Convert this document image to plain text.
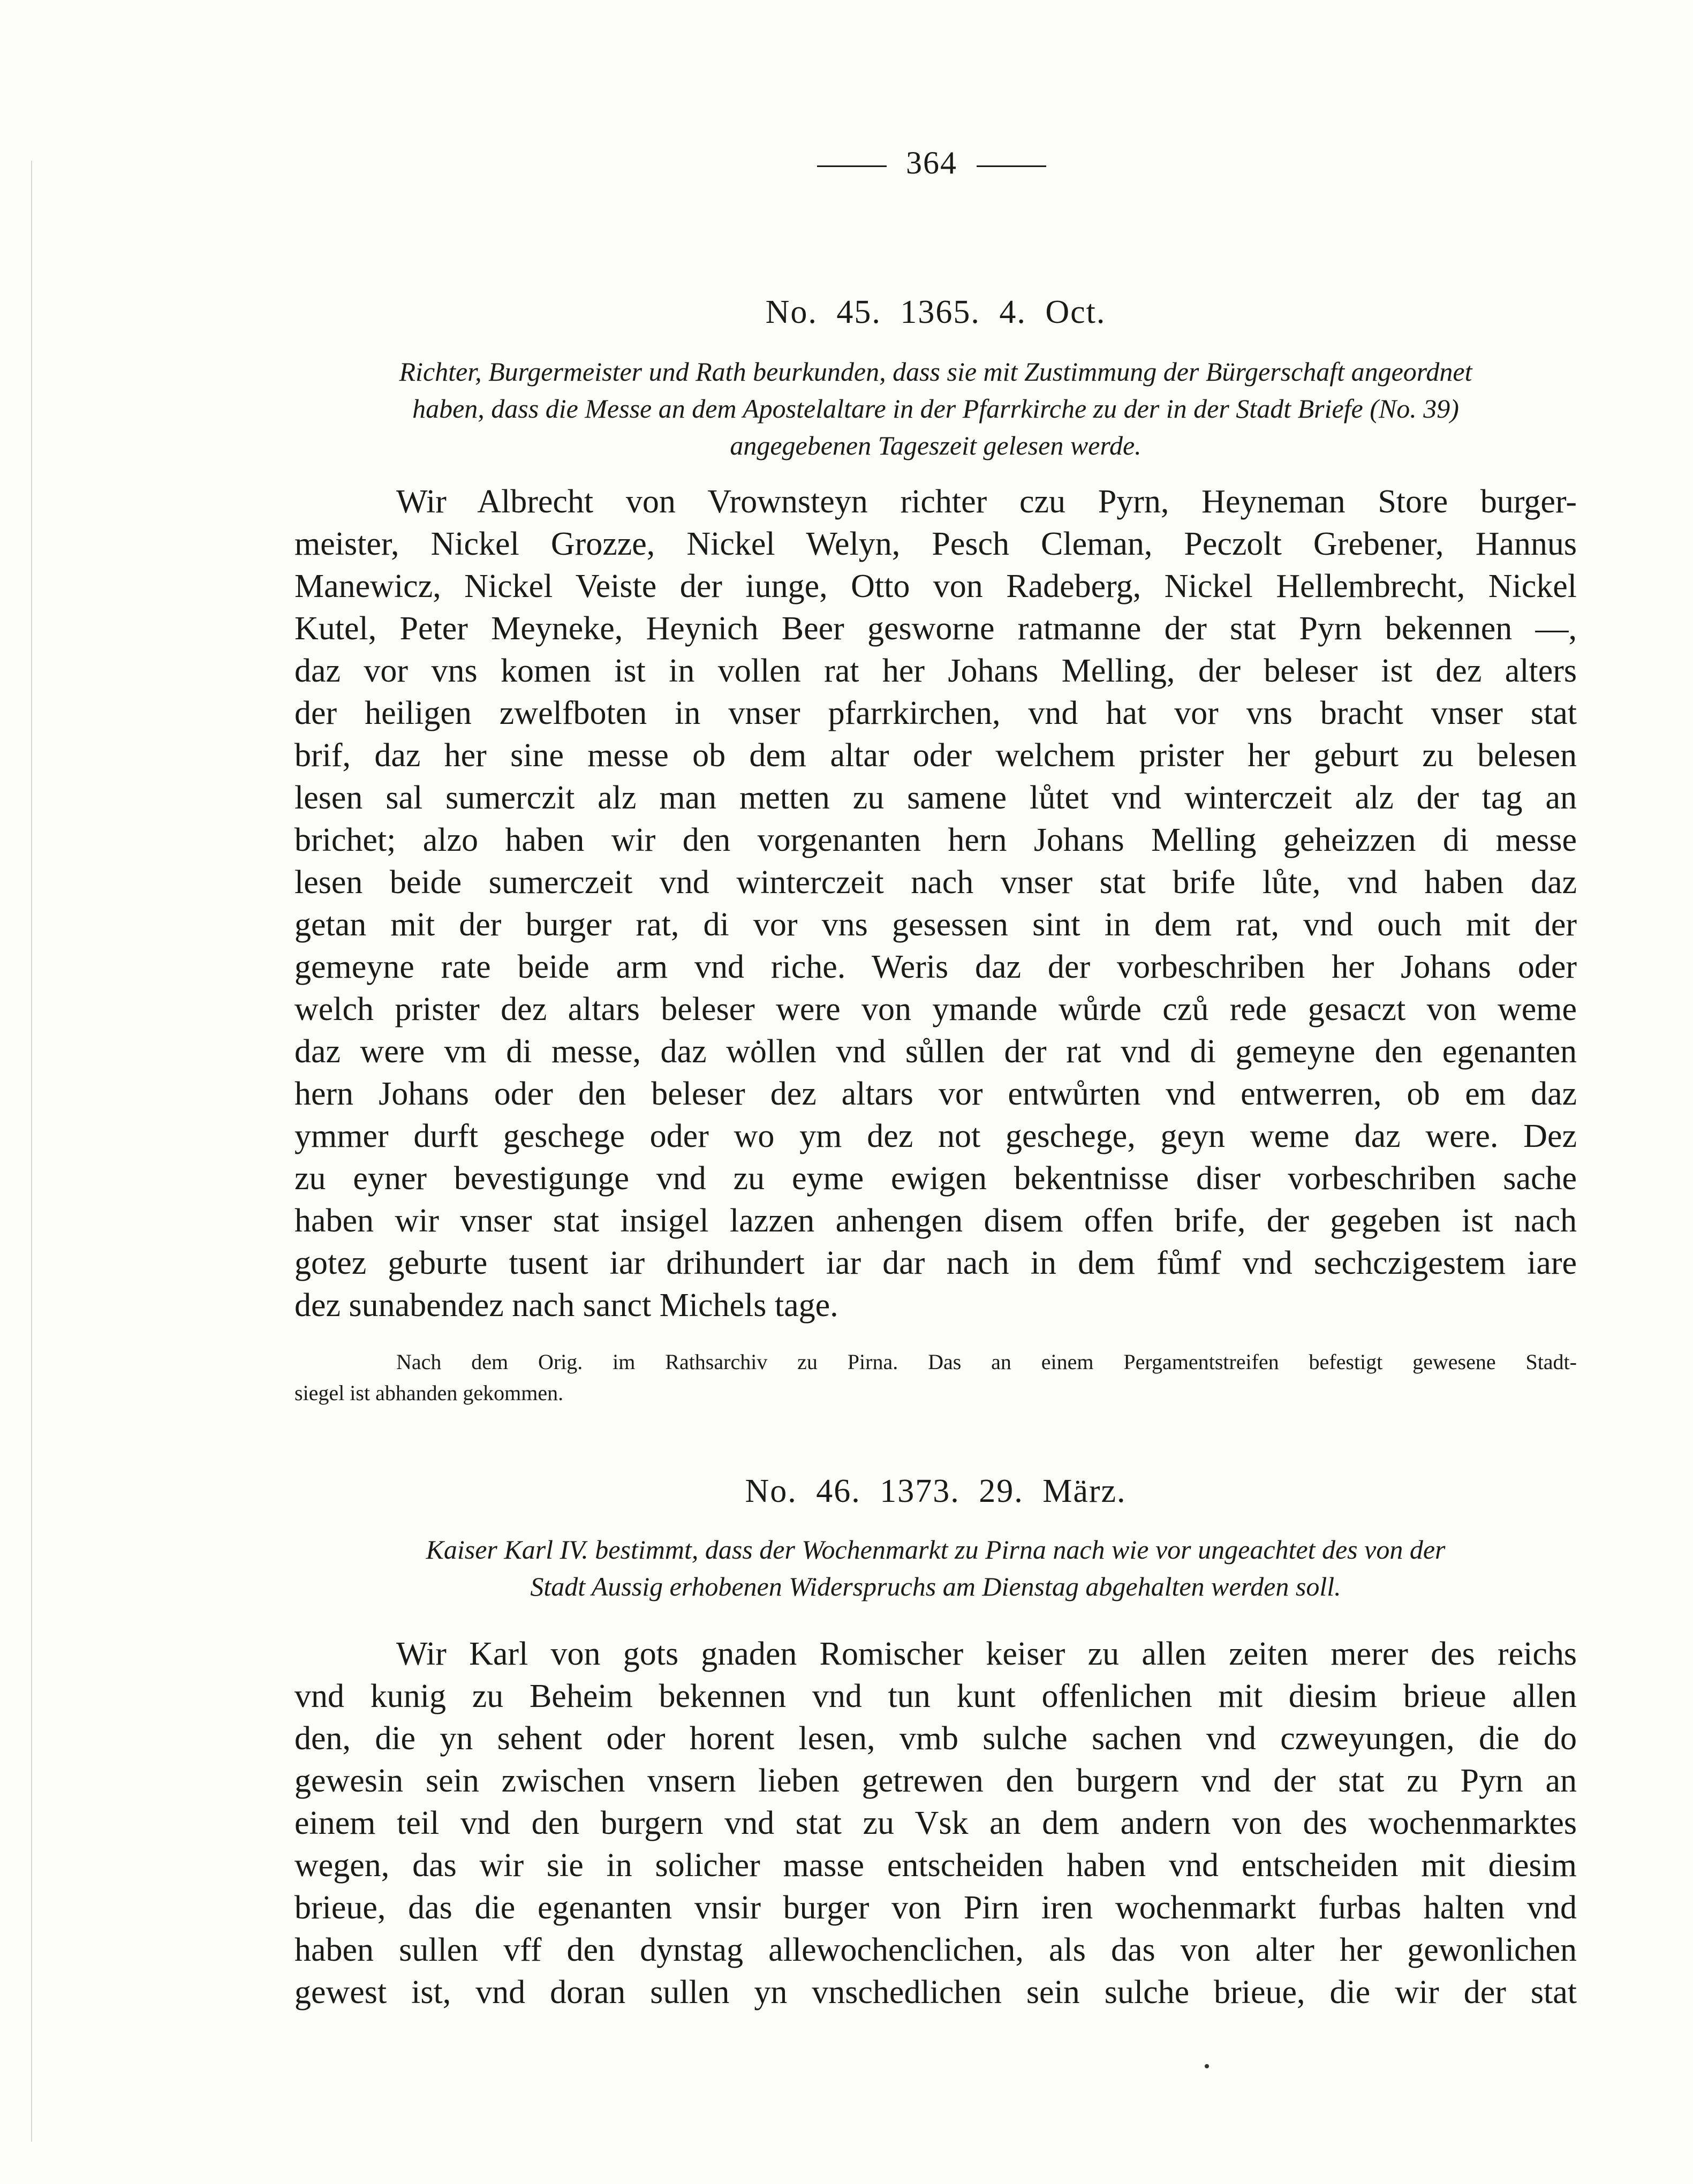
364
No. 45. 1365. 4. Oct.

Richter, Burgermeister und Rath beurkunden, dass sie mit Zustimmung der Bürgerschaft angeordnet
haben, dass die Messe an dem Apostelaltare in der Pfarrkirche zu der in der Stadt Briefe (No. 39)
angegebenen Tageszeit gelesen werde.

Wir Albrecht von Vrownsteyn richter czu Pyrn, Heyneman Store burger-
meister, Nickel Grozze, Nickel Welyn, Pesch Cleman, Peczolt Grebener, Hannus
Manewicz, Nickel Veiste der iunge, Otto von Radeberg, Nickel Hellembrecht, Nickel
Kutel, Peter Meyneke, Heynich Beer gesworne ratmanne der stat Pyrn bekennen —,
daz vor vns komen ist in vollen rat her Johans Melling, der beleser ist dez alters
der heiligen zwelfboten in vnser pfarrkirchen, vnd hat vor vns bracht vnser stat
brif, daz her sine messe ob dem altar oder welchem prister her geburt zu belesen
lesen sal sumerczit alz man metten zu samene lůtet vnd winterczeit alz der tag an
brichet; alzo haben wir den vorgenanten hern Johans Melling geheizzen di messe
lesen beide sumerczeit vnd winterczeit nach vnser stat brife lůte, vnd haben daz
getan mit der burger rat, di vor vns gesessen sint in dem rat, vnd ouch mit der
gemeyne rate beide arm vnd riche. Weris daz der vorbeschriben her Johans oder
welch prister dez altars beleser were von ymande wůrde czů rede gesaczt von weme
daz were vm di messe, daz wȯllen vnd sůllen der rat vnd di gemeyne den egenanten
hern Johans oder den beleser dez altars vor entwůrten vnd entwerren, ob em daz
ymmer durft geschege oder wo ym dez not geschege, geyn weme daz were. Dez
zu eyner bevestigunge vnd zu eyme ewigen bekentnisse diser vorbeschriben sache
haben wir vnser stat insigel lazzen anhengen disem offen brife, der gegeben ist nach
gotez geburte tusent iar drihundert iar dar nach in dem fůmf vnd sechczigestem iare
dez sunabendez nach sanct Michels tage.
Nach dem Orig. im Rathsarchiv zu Pirna. Das an einem Pergamentstreifen befestigt gewesene Stadt-
siegel ist abhanden gekommen.
No. 46. 1373. 29. März.

Kaiser Karl IV. bestimmt, dass der Wochenmarkt zu Pirna nach wie vor ungeachtet des von der
Stadt Aussig erhobenen Widerspruchs am Dienstag abgehalten werden soll.

Wir Karl von gots gnaden Romischer keiser zu allen zeiten merer des reichs
vnd kunig zu Beheim bekennen vnd tun kunt offenlichen mit diesim brieue allen
den, die yn sehent oder horent lesen, vmb sulche sachen vnd czweyungen, die do
gewesin sein zwischen vnsern lieben getrewen den burgern vnd der stat zu Pyrn an
einem teil vnd den burgern vnd stat zu Vsk an dem andern von des wochenmarktes
wegen, das wir sie in solicher masse entscheiden haben vnd entscheiden mit diesim
brieue, das die egenanten vnsir burger von Pirn iren wochenmarkt furbas halten vnd
haben sullen vff den dynstag allewochenclichen, als das von alter her gewonlichen
gewest ist, vnd doran sullen yn vnschedlichen sein sulche brieue, die wir der stat
